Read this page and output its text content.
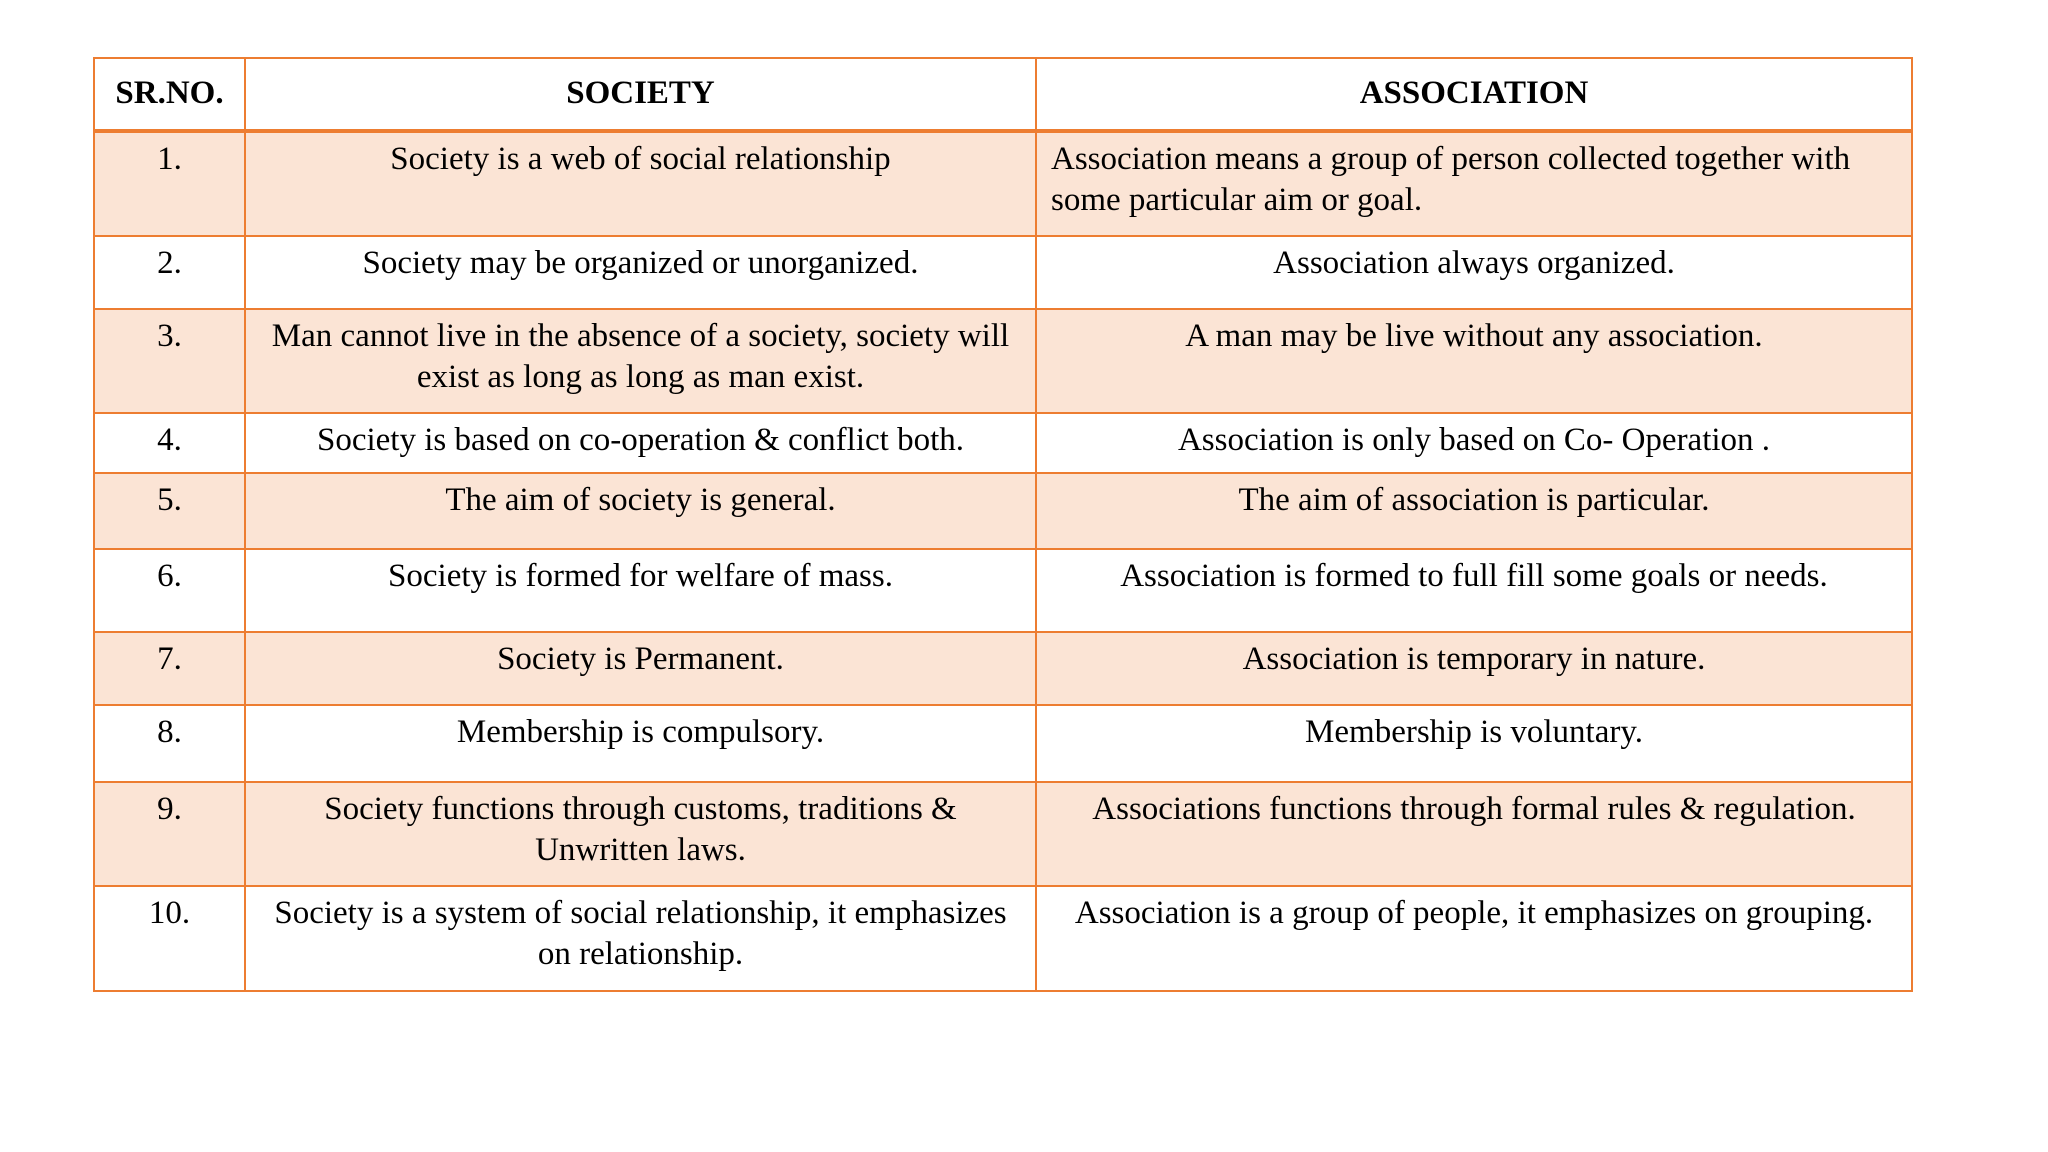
SR.NO.	SOCIETY	ASSOCIATION
1.	Society is a web of social relationship	Association means a group of person collected together with some particular aim or goal.
2.	Society may be organized or unorganized.	Association always organized.
3.	Man cannot live in the absence of a society, society will exist as long as long as man exist.	A man may be live without any association.
4.	Society is based on co-operation & conflict both.	Association is only based on Co- Operation .
5.	The aim of society is general.	The aim of association is particular.
6.	Society is formed for welfare of mass.	Association is formed to full fill some goals or needs.
7.	Society is Permanent.	Association is temporary in nature.
8.	Membership is compulsory.	Membership is voluntary.
9.	Society functions through customs, traditions & Unwritten laws.	Associations functions through formal rules & regulation.
10.	Society is a system of social relationship, it emphasizes on relationship.	Association is a group of people, it emphasizes on grouping.
